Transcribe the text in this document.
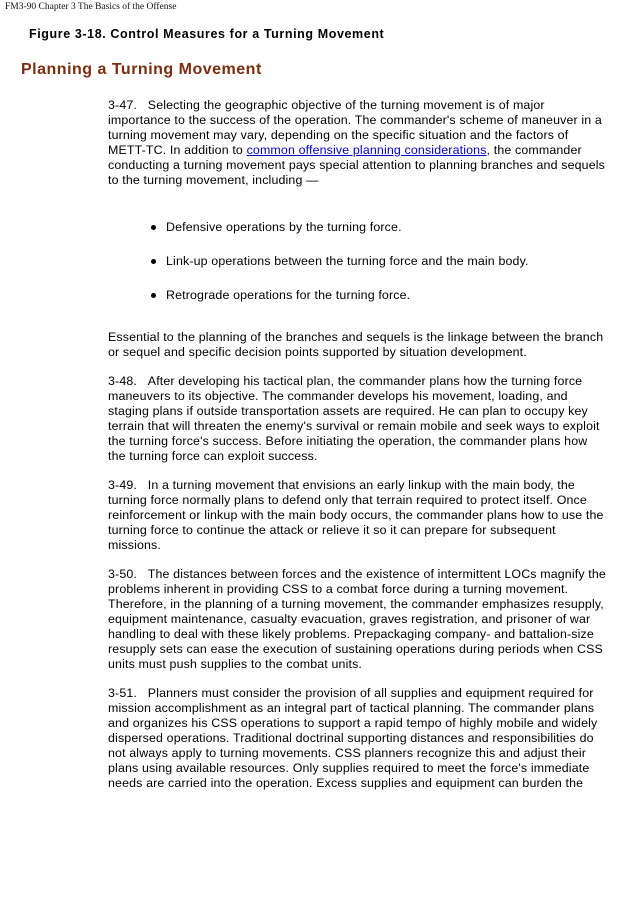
FM3-90 Chapter 3 The Basics of the Offense
Figure 3-18. Control Measures for a Turning Movement
Planning a Turning Movement

3-47. Selecting the geographic objective of the turning movement is of major importance to the success of the operation. The commander's scheme of maneuver in a turning movement may vary, depending on the specific situation and the factors of METT-TC. In addition to common offensive planning considerations, the commander conducting a turning movement pays special attention to planning branches and sequels to the turning movement, including —

Defensive operations by the turning force.
Link-up operations between the turning force and the main body.
Retrograde operations for the turning force.

Essential to the planning of the branches and sequels is the linkage between the branch or sequel and specific decision points supported by situation development.

3-48. After developing his tactical plan, the commander plans how the turning force maneuvers to its objective. The commander develops his movement, loading, and staging plans if outside transportation assets are required. He can plan to occupy key terrain that will threaten the enemy's survival or remain mobile and seek ways to exploit the turning force's success. Before initiating the operation, the commander plans how the turning force can exploit success.

3-49. In a turning movement that envisions an early linkup with the main body, the turning force normally plans to defend only that terrain required to protect itself. Once reinforcement or linkup with the main body occurs, the commander plans how to use the turning force to continue the attack or relieve it so it can prepare for subsequent missions.

3-50. The distances between forces and the existence of intermittent LOCs magnify the problems inherent in providing CSS to a combat force during a turning movement. Therefore, in the planning of a turning movement, the commander emphasizes resupply, equipment maintenance, casualty evacuation, graves registration, and prisoner of war handling to deal with these likely problems. Prepackaging company- and battalion-size resupply sets can ease the execution of sustaining operations during periods when CSS units must push supplies to the combat units.

3-51. Planners must consider the provision of all supplies and equipment required for mission accomplishment as an integral part of tactical planning. The commander plans and organizes his CSS operations to support a rapid tempo of highly mobile and widely dispersed operations. Traditional doctrinal supporting distances and responsibilities do not always apply to turning movements. CSS planners recognize this and adjust their plans using available resources. Only supplies required to meet the force's immediate needs are carried into the operation. Excess supplies and equipment can burden the
